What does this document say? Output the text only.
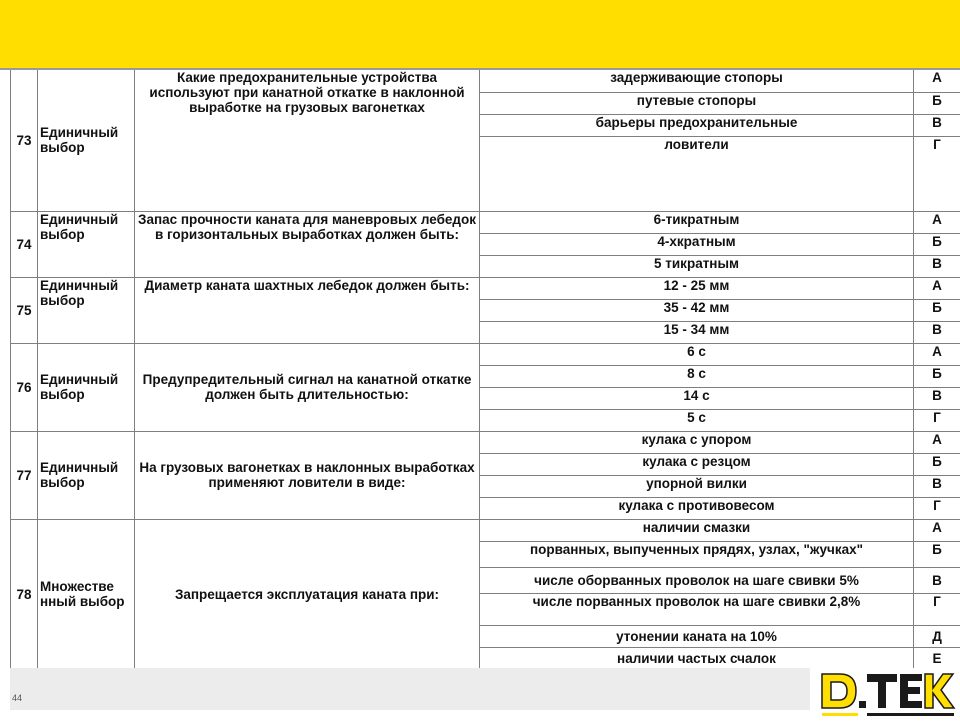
73	Единичный выбор	Какие предохранительные устройства используют при канатной откатке в наклонной выработке на грузовых вагонетках	задерживающие стопоры	А
			путевые стопоры	Б
			барьеры предохранительные	В
			ловители	Г
74	Единичный выбор	Запас прочности каната для маневровых лебедок в горизонтальных выработках должен быть:	6-тикратным	А
			4-хкратным	Б
			5 тикратным	В
75	Единичный выбор	Диаметр каната шахтных лебедок должен быть:	12 - 25 мм	А
			35 - 42 мм	Б
			15 - 34 мм	В
76	Единичный выбор	Предупредительный сигнал на канатной откатке должен быть длительностью:	6 с	А
			8 с	Б
			14 с	В
			5 с	Г
77	Единичный выбор	На грузовых вагонетках в наклонных выработках применяют ловители в виде:	кулака с упором	А
			кулака с резцом	Б
			упорной вилки	В
			кулака с противовесом	Г
78	Множестве нный выбор	Запрещается эксплуатация каната при:	наличии смазки	А
			порванных, выпученных прядях, узлах, "жучках"	Б
			числе оборванных проволок на шаге свивки 5%	В
			числе порванных проволок на шаге свивки 2,8%	Г
			утонении каната на 10%	Д
			наличии частых счалок	Е
44
